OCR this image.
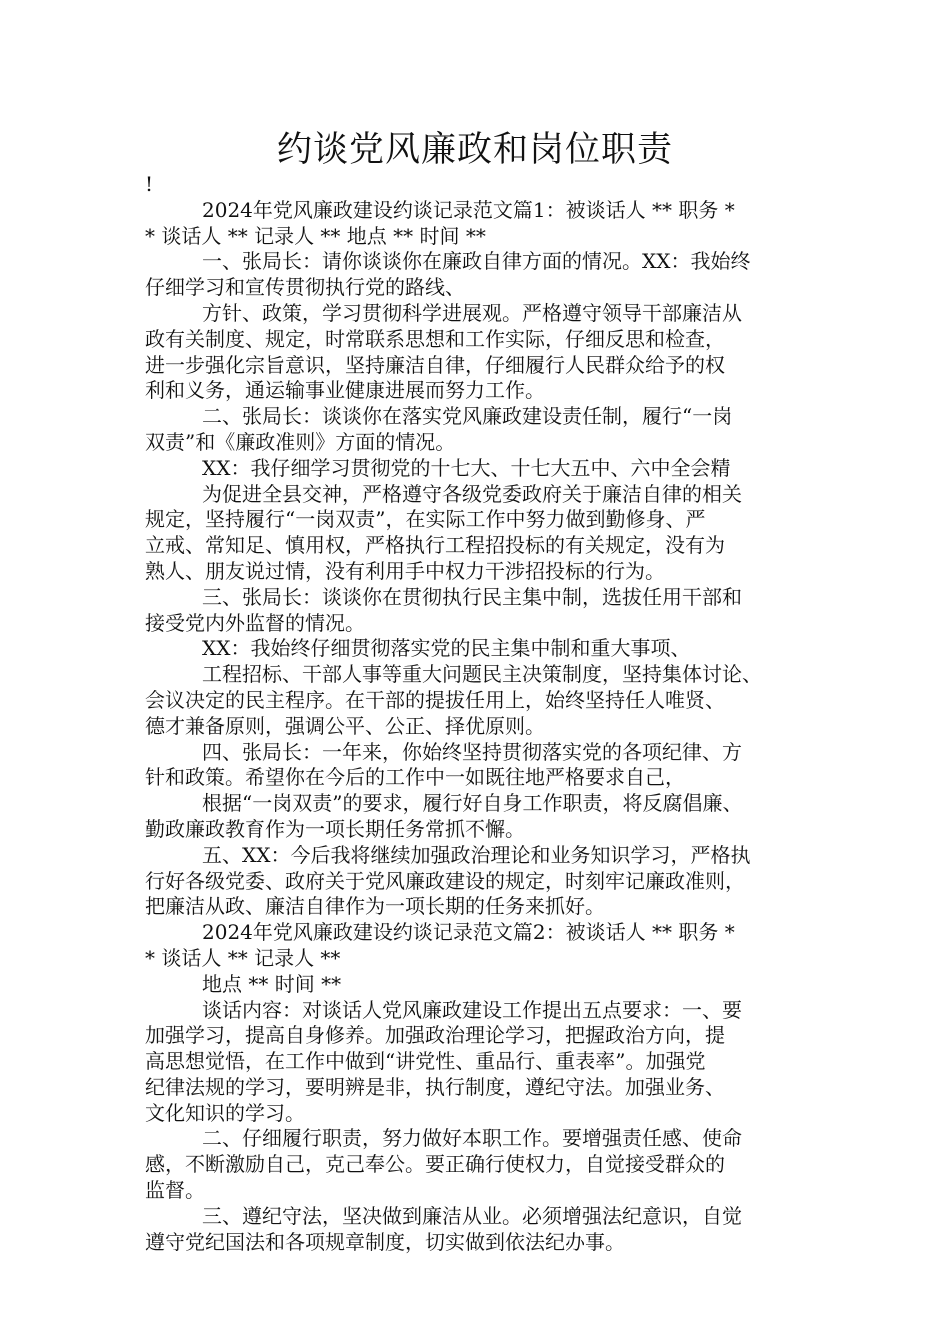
约谈党风廉政和岗位职责
!
2024年党风廉政建设约谈记录范文篇1：被谈话人 ** 职务 *
* 谈话人 ** 记录人 ** 地点 ** 时间 **
一、张局长：请你谈谈你在廉政自律方面的情况。XX：我始终
仔细学习和宣传贯彻执行党的路线、
方针、政策，学习贯彻科学进展观。严格遵守领导干部廉洁从
政有关制度、规定，时常联系思想和工作实际，仔细反思和检查，
进一步强化宗旨意识，坚持廉洁自律，仔细履行人民群众给予的权
利和义务，通运输事业健康进展而努力工作。
二、张局长：谈谈你在落实党风廉政建设责任制，履行“一岗
双责”和《廉政准则》方面的情况。
XX：我仔细学习贯彻党的十七大、十七大五中、六中全会精
为促进全县交神，严格遵守各级党委政府关于廉洁自律的相关
规定，坚持履行“一岗双责”，在实际工作中努力做到勤修身、严
立戒、常知足、慎用权，严格执行工程招投标的有关规定，没有为
熟人、朋友说过情，没有利用手中权力干涉招投标的行为。
三、张局长：谈谈你在贯彻执行民主集中制，选拔任用干部和
接受党内外监督的情况。
XX：我始终仔细贯彻落实党的民主集中制和重大事项、
工程招标、干部人事等重大问题民主决策制度，坚持集体讨论、
会议决定的民主程序。在干部的提拔任用上，始终坚持任人唯贤、
德才兼备原则，强调公平、公正、择优原则。
四、张局长：一年来，你始终坚持贯彻落实党的各项纪律、方
针和政策。希望你在今后的工作中一如既往地严格要求自己，
根据“一岗双责”的要求，履行好自身工作职责，将反腐倡廉、
勤政廉政教育作为一项长期任务常抓不懈。
五、XX：今后我将继续加强政治理论和业务知识学习，严格执
行好各级党委、政府关于党风廉政建设的规定，时刻牢记廉政准则，
把廉洁从政、廉洁自律作为一项长期的任务来抓好。
2024年党风廉政建设约谈记录范文篇2：被谈话人 ** 职务 *
* 谈话人 ** 记录人 **
地点 ** 时间 **
谈话内容：对谈话人党风廉政建设工作提出五点要求：一、要
加强学习，提高自身修养。加强政治理论学习，把握政治方向，提
高思想觉悟，在工作中做到“讲党性、重品行、重表率”。加强党
纪律法规的学习，要明辨是非，执行制度，遵纪守法。加强业务、
文化知识的学习。
二、仔细履行职责，努力做好本职工作。要增强责任感、使命
感，不断激励自己，克己奉公。要正确行使权力，自觉接受群众的
监督。
三、遵纪守法，坚决做到廉洁从业。必须增强法纪意识，自觉
遵守党纪国法和各项规章制度，切实做到依法纪办事。
